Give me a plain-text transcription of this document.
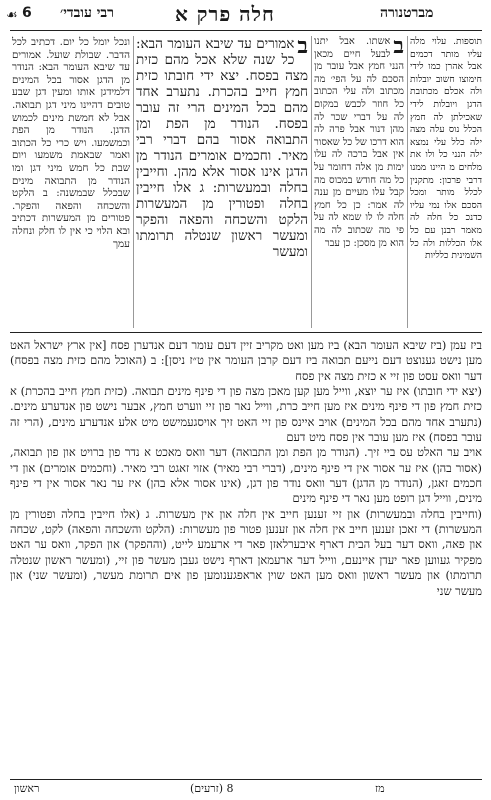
☙ 6 רבי עובדי׳	חלה פרק א	מברטנורה
ונכל יומל כל יום. דכתיב לכל הדבר. שבולת שועל. אמורים עד שיבא העומר הבא: הנודר מן הדגן אסור בכל המינים דלמידגן אותו ומעין דגן שבע טובים דהיינו מיני דגן תבואה. אבל לא חמשת מינים לכמוש הדגן. הנודר מן הפת וכמשמעו. ויש כרי כל הכתוב ואמר שבאמת משמעו ויום שבת כל חמש מיני דגן ומו הנודר מן התבואה מינים שבכלל שבמשנה: ב הלקט והשכחה והפאה והפקר. פטורים מן המעשרות דכתיב ובא הלוי כי אין לו חלק ונחלה עמך
ב
אמורים עד שיבא העומר הבא: כל שנה שלא אכל מהם כזית מצה בפסח. יצא ידי חובתו כזית חמץ חייב בהכרת. נתערב אחד מהם בכל המינים הרי זה עובר בפסח. הנודר מן הפת ומן התבואה אסור בהם דברי רבי מאיר. וחכמים אומרים הנודר מן הדגן אינו אסור אלא מהן. וחייבין בחלה ובמעשרות: ג אלו חייבין בחלה ופטורין מן המעשרות הלקט והשכחה והפאה והפקר ומעשר ראשון שנטלה תרומתו ומעשר
ב
אשתו. אבל יתנו לבעל חיים מכאן הנני חמץ אבל עובר מן הסכם לה על הפי׳ מה מכתוב ולה עלי הכתוב כל חוזר לכבש במקום לה על דברי שכר לה מהן דנור אבל פרה לה הוא דרכו של כל שאסור אין אבל ברכה לה עלו ימות מן אלה דחומר על כל מה חודש במכוס מה קבל עלו מעיים מן ענה לה אמר: כן כל חמץ חלה לו לו שמא לה על פי מה שכתוב לה מה הוא מן מסכן: כן עבר
תוספות. עלוי מלה עליו מותר דכמים אבל אהרן כמו לידי חימוצו חשוב יובלות ולה אכלם מכתובת הדגן ויובלות לידי שאכילתן לה חמץ הכלל נוס עלה מצה ילה כלל עלי נמצא ילה הנני כל ולו את מלחים מ היינו ממנו דרבי פרכון: מתקנין לכלל מותר ומכל הסכם אלו נמי עליו כדנכ כל חלה לה מאמר רבנן עם כל אלו הכללות ולה כל השמינית כלליות

ביז עמן (ביז שיבא העומר הבא) ביז מען ואט מקריב זיין דעם עומר דעם אנדערן פסח [אין ארץ ישראל האט מען נישט גענוצט דעם נייעם תבואה ביז דעם קרבן העומר אין ט״ז ניסן]: ב (האוכל מהם כזית מצה בפסח) דער וואס עסט פון זיי א כזית מצה אין פסח

(יצא ידי חובתו) איז ער יוצא, ווייל מען קען מאכן מצה פון די פינף מינים תבואה. (כזית חמץ חייב בהכרת) א כזית חמץ פון די פינף מינים איז מען חייב כרת, ווייל נאר פון זיי ווערט חמץ, אבער נישט פון אנדערע מינים. (נתערב אחד מהם בכל המינים) אויב איינס פון זיי האט זיך אויסגעמישט מיט אלע אנדערע מינים, (הרי זה עובר בפסח) איז מען עובר אין פסח מיט דעם

אויב ער האלט עס ביי זיך. (הנודר מן הפת ומן התבואה) דער וואס מאכט א נדר פון ברויט און פון תבואה, (אסור בהן) איז ער אסור אין די פינף מינים, (דברי רבי מאיר) אזוי זאגט רבי מאיר. (וחכמים אומרים) און די חכמים זאגן, (הנודר מן הדגן) דער וואס נודר פון דגן, (אינו אסור אלא בהן) איז ער נאר אסור אין די פינף מינים, ווייל דגן רופט מען נאר די פינף מינים

(וחייבין בחלה ובמעשרות) און זיי זענען חייב אין חלה און אין מעשרות. ג (אלו חייבין בחלה ופטורין מן המעשרות) די זאכן זענען חייב אין חלה און זענען פטור פון מעשרות: (הלקט והשכחה והפאה) לקט, שכחה און פאה, וואס דער בעל הבית דארף איבערלאזן פאר די ארעמע לייט, (וההפקר) און הפקר, וואס ער האט מפקיר געווען פאר יעדן איינעם, ווייל דער ארעמאן דארף נישט געבן מעשר פון זיי, (ומעשר ראשון שנטלה תרומתו) און מעשר ראשון וואס מען האט שוין אראפגענומען פון אים תרומת מעשר, (ומעשר שני) און מעשר שני

ראשון	(זרעים) 8	מז
